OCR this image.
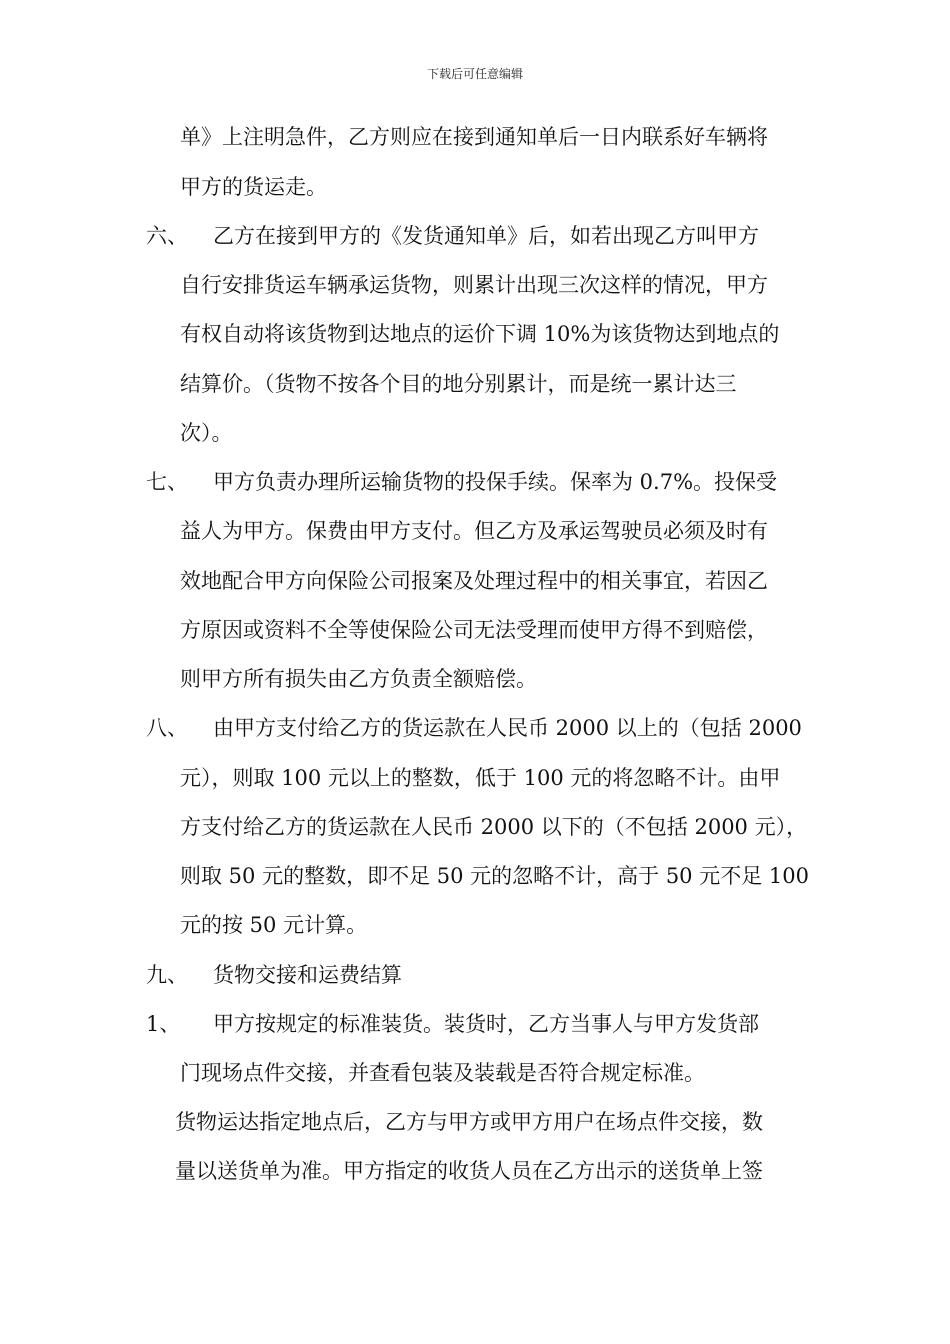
下载后可任意编辑
单》上注明急件，乙方则应在接到通知单后一日内联系好车辆将
甲方的货运走。
六、 乙方在接到甲方的《发货通知单》后，如若出现乙方叫甲方
自行安排货运车辆承运货物，则累计出现三次这样的情况，甲方
有权自动将该货物到达地点的运价下调 10%为该货物达到地点的
结算价。（货物不按各个目的地分别累计，而是统一累计达三
次）。
七、 甲方负责办理所运输货物的投保手续。保率为 0.7%。投保受
益人为甲方。保费由甲方支付。但乙方及承运驾驶员必须及时有
效地配合甲方向保险公司报案及处理过程中的相关事宜，若因乙
方原因或资料不全等使保险公司无法受理而使甲方得不到赔偿，
则甲方所有损失由乙方负责全额赔偿。
八、 由甲方支付给乙方的货运款在人民币 2000 以上的（包括 2000
元），则取 100 元以上的整数，低于 100 元的将忽略不计。由甲
方支付给乙方的货运款在人民币 2000 以下的（不包括 2000 元），
则取 50 元的整数，即不足 50 元的忽略不计，高于 50 元不足 100
元的按 50 元计算。
九、 货物交接和运费结算
1、 甲方按规定的标准装货。装货时，乙方当事人与甲方发货部
门现场点件交接，并查看包装及装载是否符合规定标准。
货物运达指定地点后，乙方与甲方或甲方用户在场点件交接，数
量以送货单为准。甲方指定的收货人员在乙方出示的送货单上签
